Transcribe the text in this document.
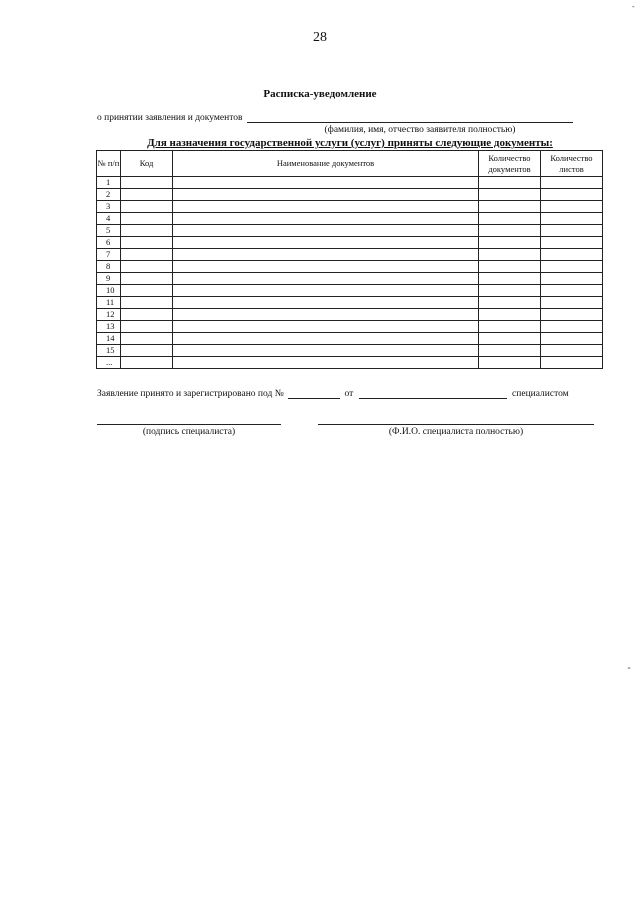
28
Расписка-уведомление
о принятии заявления и документов
(фамилия, имя, отчество заявителя полностью)
Для назначения государственной услуги (услуг) приняты следующие документы:
№ п/п	Код	Наименование документов	Количество документов	Количество листов
1				
2				
3				
4				
5				
6				
7				
8				
9				
10				
11				
12				
13				
14				
15				
...				
Заявление принято и зарегистрировано под №	от	специалистом
(подпись специалиста)	(Ф.И.О. специалиста полностью)
-
⁃
